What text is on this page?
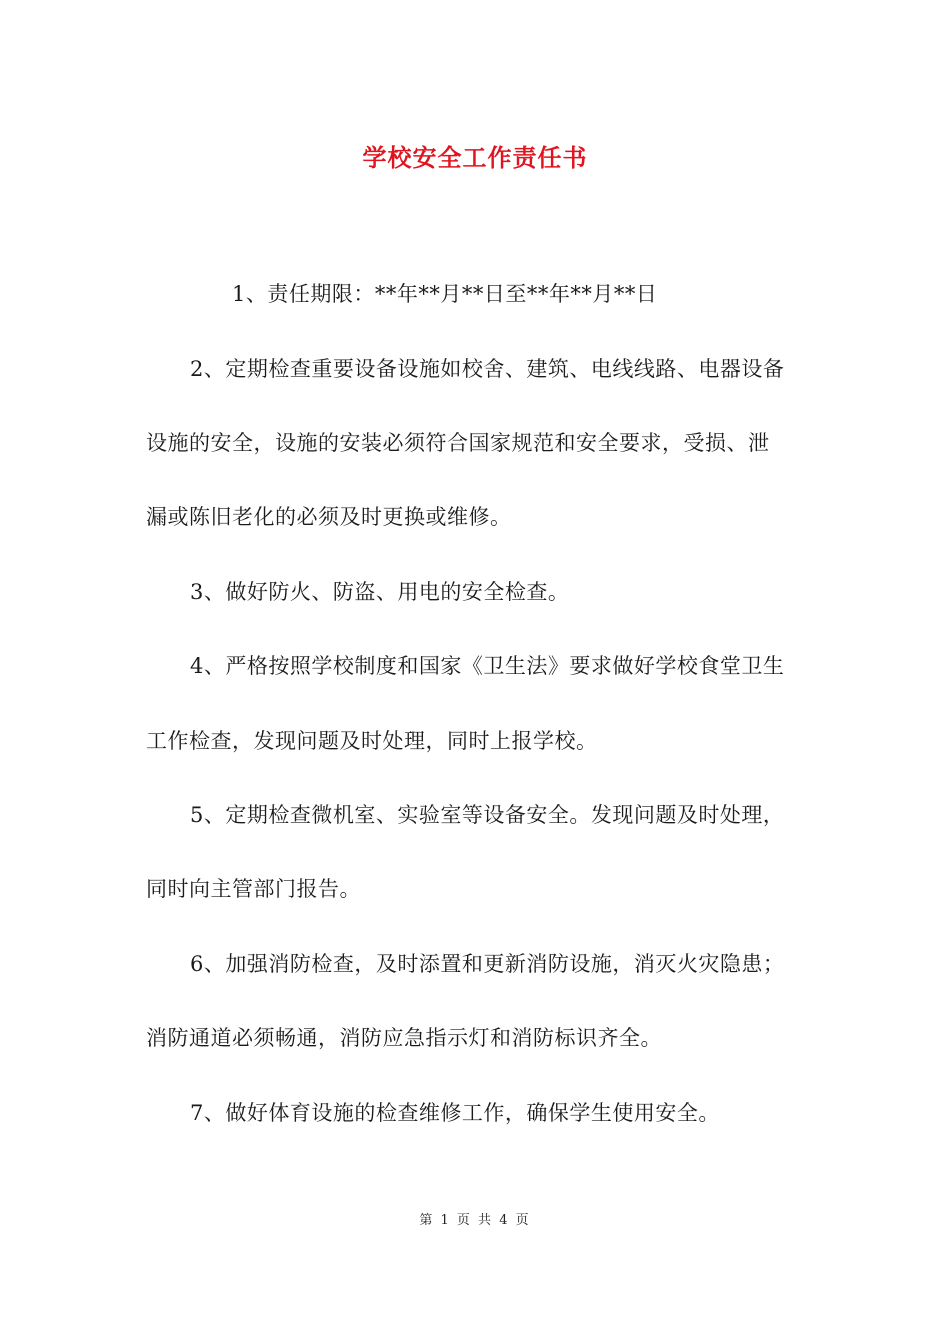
学校安全工作责任书
1、责任期限：**年**月**日至**年**月**日
2、定期检查重要设备设施如校舍、建筑、电线线路、电器设备
设施的安全，设施的安装必须符合国家规范和安全要求，受损、泄
漏或陈旧老化的必须及时更换或维修。
3、做好防火、防盗、用电的安全检查。
4、严格按照学校制度和国家《卫生法》要求做好学校食堂卫生
工作检查，发现问题及时处理，同时上报学校。
5、定期检查微机室、实验室等设备安全。发现问题及时处理，
同时向主管部门报告。
6、加强消防检查，及时添置和更新消防设施，消灭火灾隐患；
消防通道必须畅通，消防应急指示灯和消防标识齐全。
7、做好体育设施的检查维修工作，确保学生使用安全。
第 1 页 共 4 页
